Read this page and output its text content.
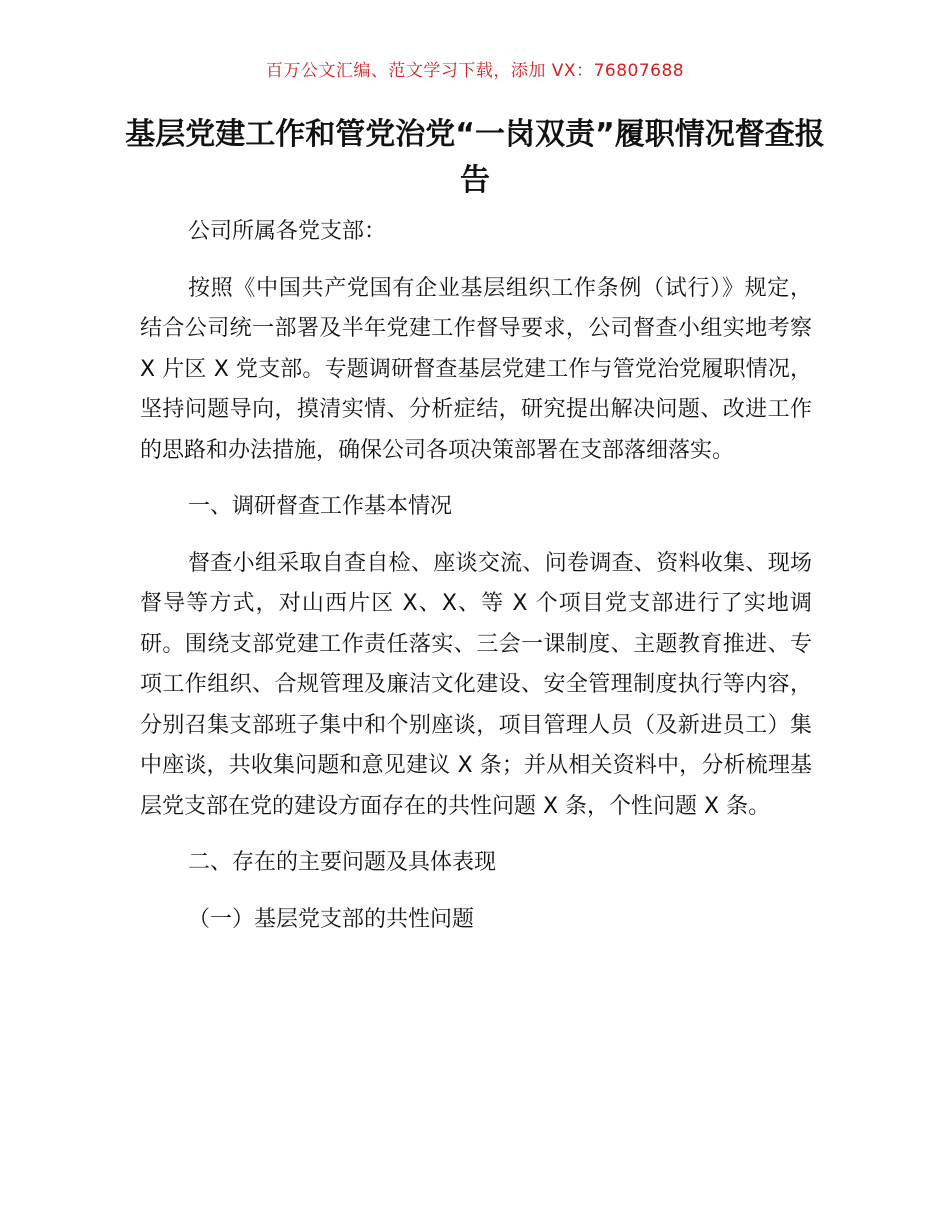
百万公文汇编、范文学习下载，添加 VX：76807688
基层党建工作和管党治党“一岗双责”履职情况督查报告

公司所属各党支部：

按照《中国共产党国有企业基层组织工作条例（试行）》规定，结合公司统一部署及半年党建工作督导要求，公司督查小组实地考察 X 片区 X 党支部。专题调研督查基层党建工作与管党治党履职情况，坚持问题导向，摸清实情、分析症结，研究提出解决问题、改进工作的思路和办法措施，确保公司各项决策部署在支部落细落实。

一、调研督查工作基本情况

督查小组采取自查自检、座谈交流、问卷调查、资料收集、现场督导等方式，对山西片区 X、X、等 X 个项目党支部进行了实地调研。围绕支部党建工作责任落实、三会一课制度、主题教育推进、专项工作组织、合规管理及廉洁文化建设、安全管理制度执行等内容，分别召集支部班子集中和个别座谈，项目管理人员（及新进员工）集中座谈，共收集问题和意见建议 X 条；并从相关资料中，分析梳理基层党支部在党的建设方面存在的共性问题 X 条，个性问题 X 条。

二、存在的主要问题及具体表现

（一）基层党支部的共性问题
